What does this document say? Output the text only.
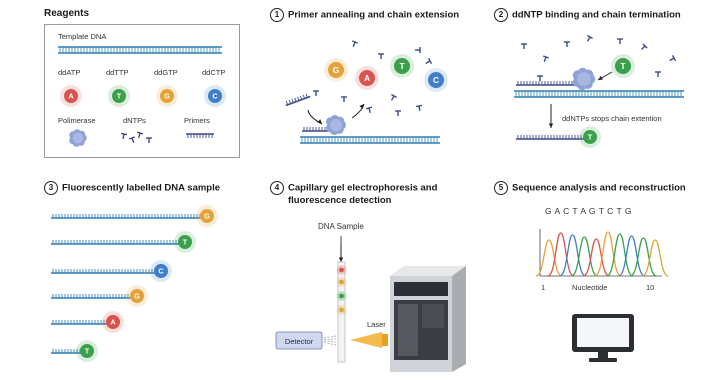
Reagents
Template DNA
ddATP	ddTTP	ddGTP	ddCTP
Polimerase	dNTPs	Primers
1 Primer annealing and chain extension	2 ddNTP binding and chain termination
3 Fluorescently labelled DNA sample	4 Capillary gel electrophoresis and
fluorescence detection
5 Sequence analysis and reconstruction
ddNTPs stops chain extention
DNA Sample
Laser
G A C T A G T C T G
1	Nucleotide	10
A	T	G	C
G
A
T
C
T
T
G
T
C
G
A
T
Detector
